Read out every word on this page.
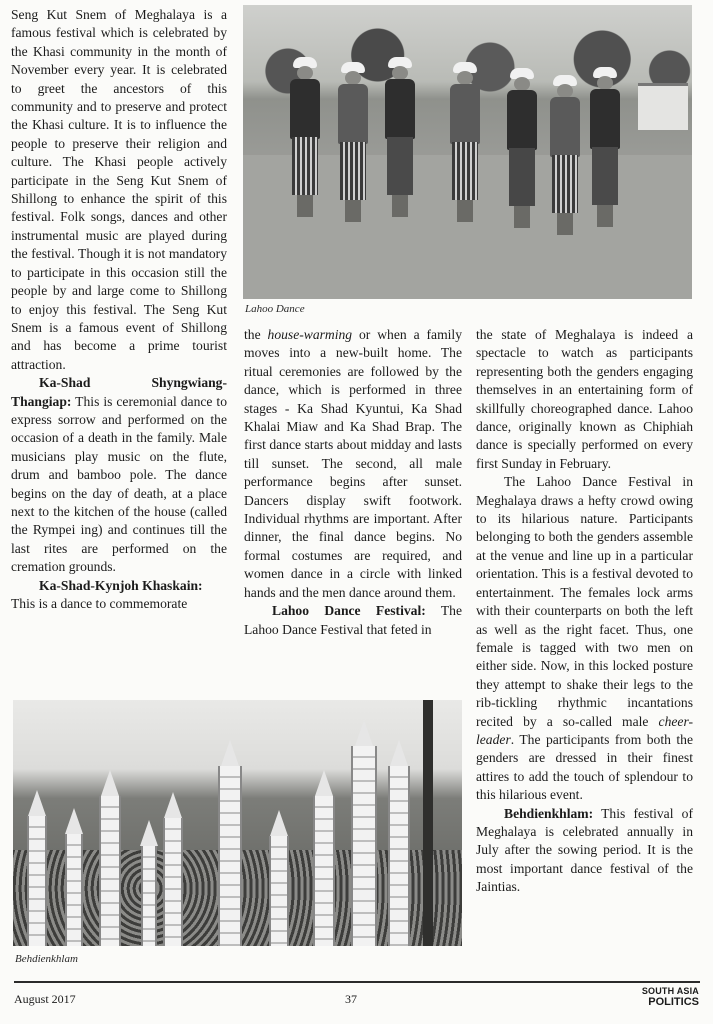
Seng Kut Snem of Meghalaya is a famous festival which is celebrated by the Khasi community in the month of November every year. It is celebrated to greet the ancestors of this community and to preserve and protect the Khasi culture. It is to influence the people to preserve their religion and culture. The Khasi people actively participate in the Seng Kut Snem of Shillong to enhance the spirit of this festival. Folk songs, dances and other instrumental music are played during the festival. Though it is not mandatory to participate in this occasion still the people by and large come to Shillong to enjoy this festival. The Seng Kut Snem is a famous event of Shillong and has become a prime tourist attraction.

Ka-Shad Shyngwiang-Thangiap: This is ceremonial dance to express sorrow and performed on the occasion of a death in the family. Male musicians play music on the flute, drum and bamboo pole. The dance begins on the day of death, at a place next to the kitchen of the house (called the Rympei ing) and continues till the last rites are performed on the cremation grounds.

Ka-Shad-Kynjoh Khaskain:

This is a dance to commemorate

Lahoo Dance

the house-warming or when a family moves into a new-built home. The ritual ceremonies are followed by the dance, which is performed in three stages - Ka Shad Kyuntui, Ka Shad Khalai Miaw and Ka Shad Brap. The first dance starts about midday and lasts till sunset. The second, all male performance begins after sunset. Dancers display swift footwork. Individual rhythms are important. After dinner, the final dance begins. No formal costumes are required, and women dance in a circle with linked hands and the men dance around them.

Lahoo Dance Festival: The Lahoo Dance Festival that feted in

the state of Meghalaya is indeed a spectacle to watch as participants representing both the genders engaging themselves in an entertaining form of skillfully choreographed dance. Lahoo dance, originally known as Chiphiah dance is specially performed on every first Sunday in February.

The Lahoo Dance Festival in Meghalaya draws a hefty crowd owing to its hilarious nature. Participants belonging to both the genders assemble at the venue and line up in a particular orientation. This is a festival devoted to entertainment. The females lock arms with their counterparts on both the left as well as the right facet. Thus, one female is tagged with two men on either side. Now, in this locked posture they attempt to shake their legs to the rib-tickling rhythmic incantations recited by a so-called male cheer-leader. The participants from both the genders are dressed in their finest attires to add the touch of splendour to this hilarious event.

Behdienkhlam: This festival of Meghalaya is celebrated annually in July after the sowing period. It is the most important dance festival of the Jaintias.

Behdienkhlam
August 2017	37
SOUTH ASIA
POLITICS
